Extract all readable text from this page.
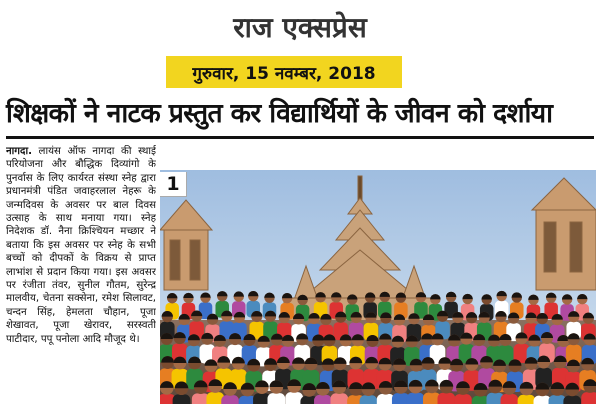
राज एक्सप्रेस
गुरुवार, 15 नवम्बर, 2018
शिक्षकों ने नाटक प्रस्तुत कर विद्यार्थियों के जीवन को दर्शाया
नागदा. लायंस ऑफ नागदा की स्थाई परियोजना और बौद्धिक दिव्यांगो के पुनर्वास के लिए कार्यरत संस्था स्नेह द्वारा प्रधानमंत्री पंडित जवाहरलाल नेहरू के जन्मदिवस के अवसर पर बाल दिवस उत्साह के साथ मनाया गया। स्नेह निदेशक डॉ. नैना क्रिश्चियन मच्छार ने बताया कि इस अवसर पर स्नेह के सभी बच्चों को दीपकों के विक्रय से प्राप्त लाभांश से प्रदान किया गया। इस अवसर पर रंजीता तंवर, सुनील गौतम, सुरेन्द्र मालवीय, चेतना सक्सेना, रमेश सिलावट, चन्दन सिंह, हेमलता चौहान, पूजा शेखावत, पूजा खेरावर, सरस्वती पाटीदार, पपू पनोला आदि मौजूद थे।
1
